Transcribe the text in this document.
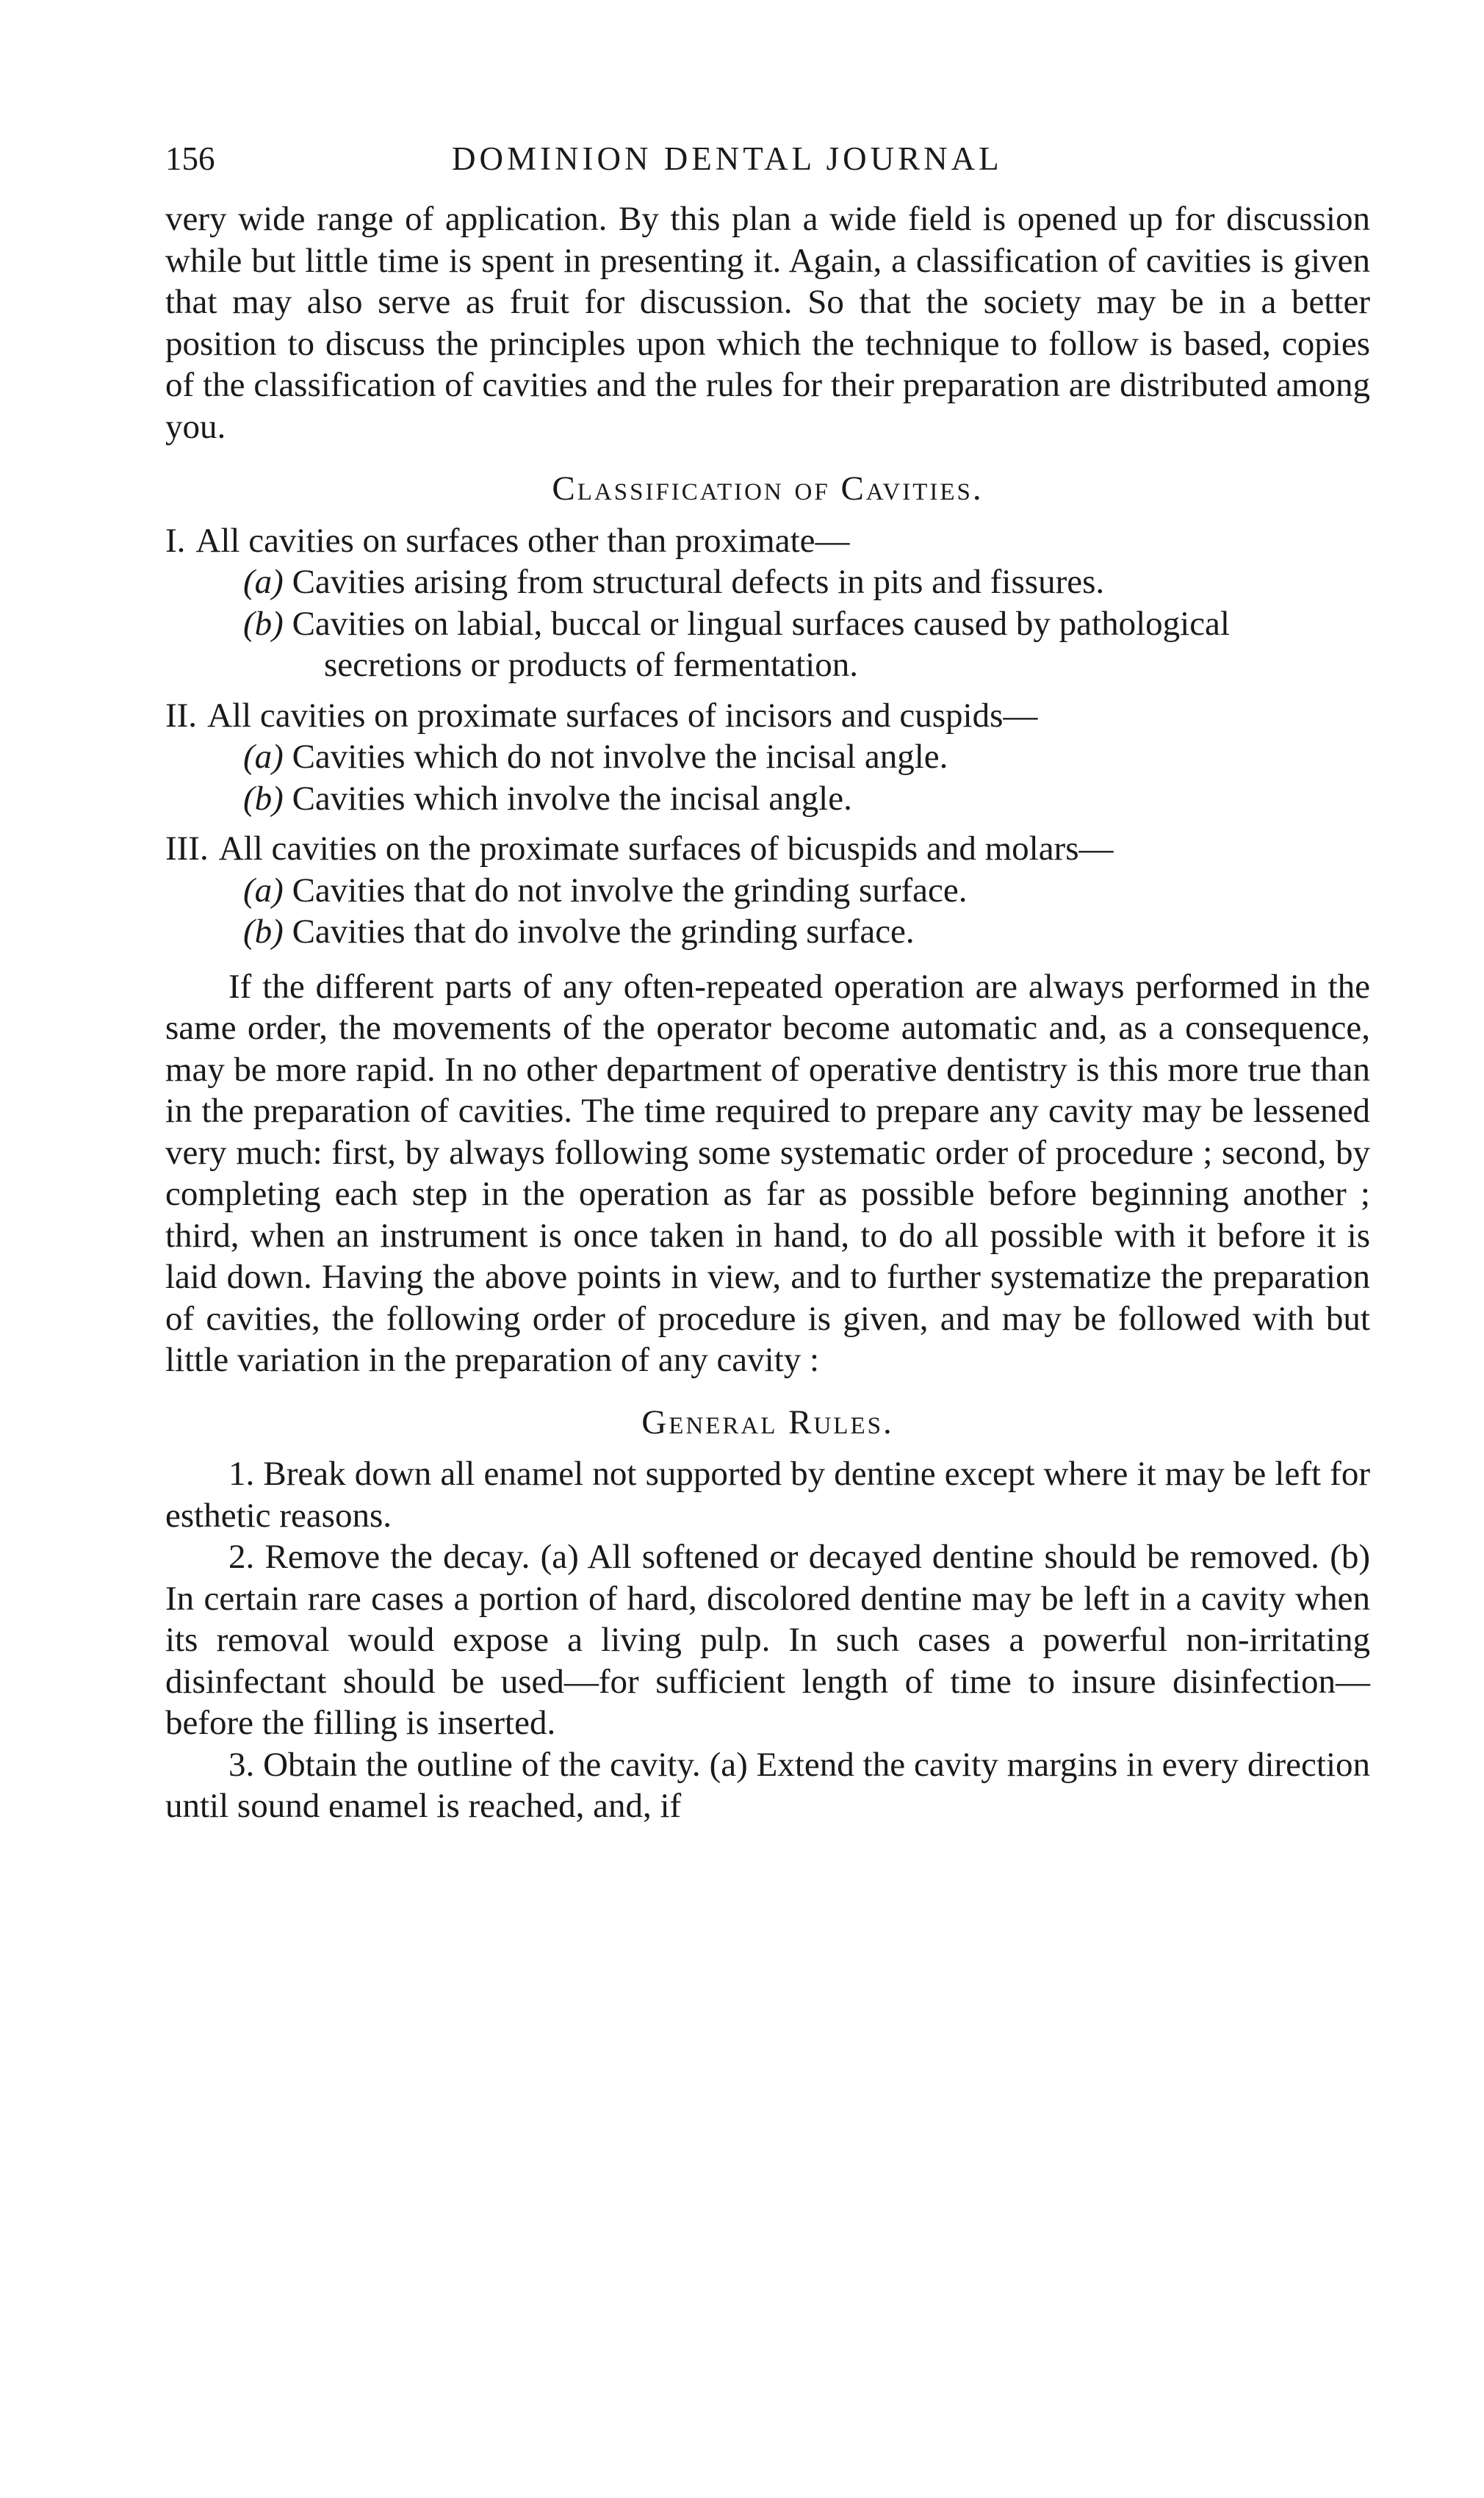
156	DOMINION DENTAL JOURNAL

very wide range of application. By this plan a wide field is opened up for discussion while but little time is spent in presenting it. Again, a classification of cavities is given that may also serve as fruit for discussion. So that the society may be in a better position to discuss the principles upon which the technique to follow is based, copies of the classification of cavities and the rules for their preparation are distributed among you.

Classification of Cavities.
I. All cavities on surfaces other than proximate—
(a) Cavities arising from structural defects in pits and fissures.
(b) Cavities on labial, buccal or lingual surfaces caused by pathological secretions or products of fermentation.
II. All cavities on proximate surfaces of incisors and cuspids—
(a) Cavities which do not involve the incisal angle.
(b) Cavities which involve the incisal angle.
III. All cavities on the proximate surfaces of bicuspids and molars—
(a) Cavities that do not involve the grinding surface.
(b) Cavities that do involve the grinding surface.

If the different parts of any often-repeated operation are always performed in the same order, the movements of the operator become automatic and, as a consequence, may be more rapid. In no other department of operative dentistry is this more true than in the preparation of cavities. The time required to prepare any cavity may be lessened very much: first, by always following some systematic order of procedure ; second, by completing each step in the operation as far as possible before beginning another ; third, when an instrument is once taken in hand, to do all possible with it before it is laid down. Having the above points in view, and to further systematize the preparation of cavities, the following order of procedure is given, and may be followed with but little variation in the preparation of any cavity :

General Rules.

1. Break down all enamel not supported by dentine except where it may be left for esthetic reasons.

2. Remove the decay. (a) All softened or decayed dentine should be removed. (b) In certain rare cases a portion of hard, discolored dentine may be left in a cavity when its removal would expose a living pulp. In such cases a powerful non-irritating disinfectant should be used—for sufficient length of time to insure disinfection—before the filling is inserted.

3. Obtain the outline of the cavity. (a) Extend the cavity margins in every direction until sound enamel is reached, and, if
